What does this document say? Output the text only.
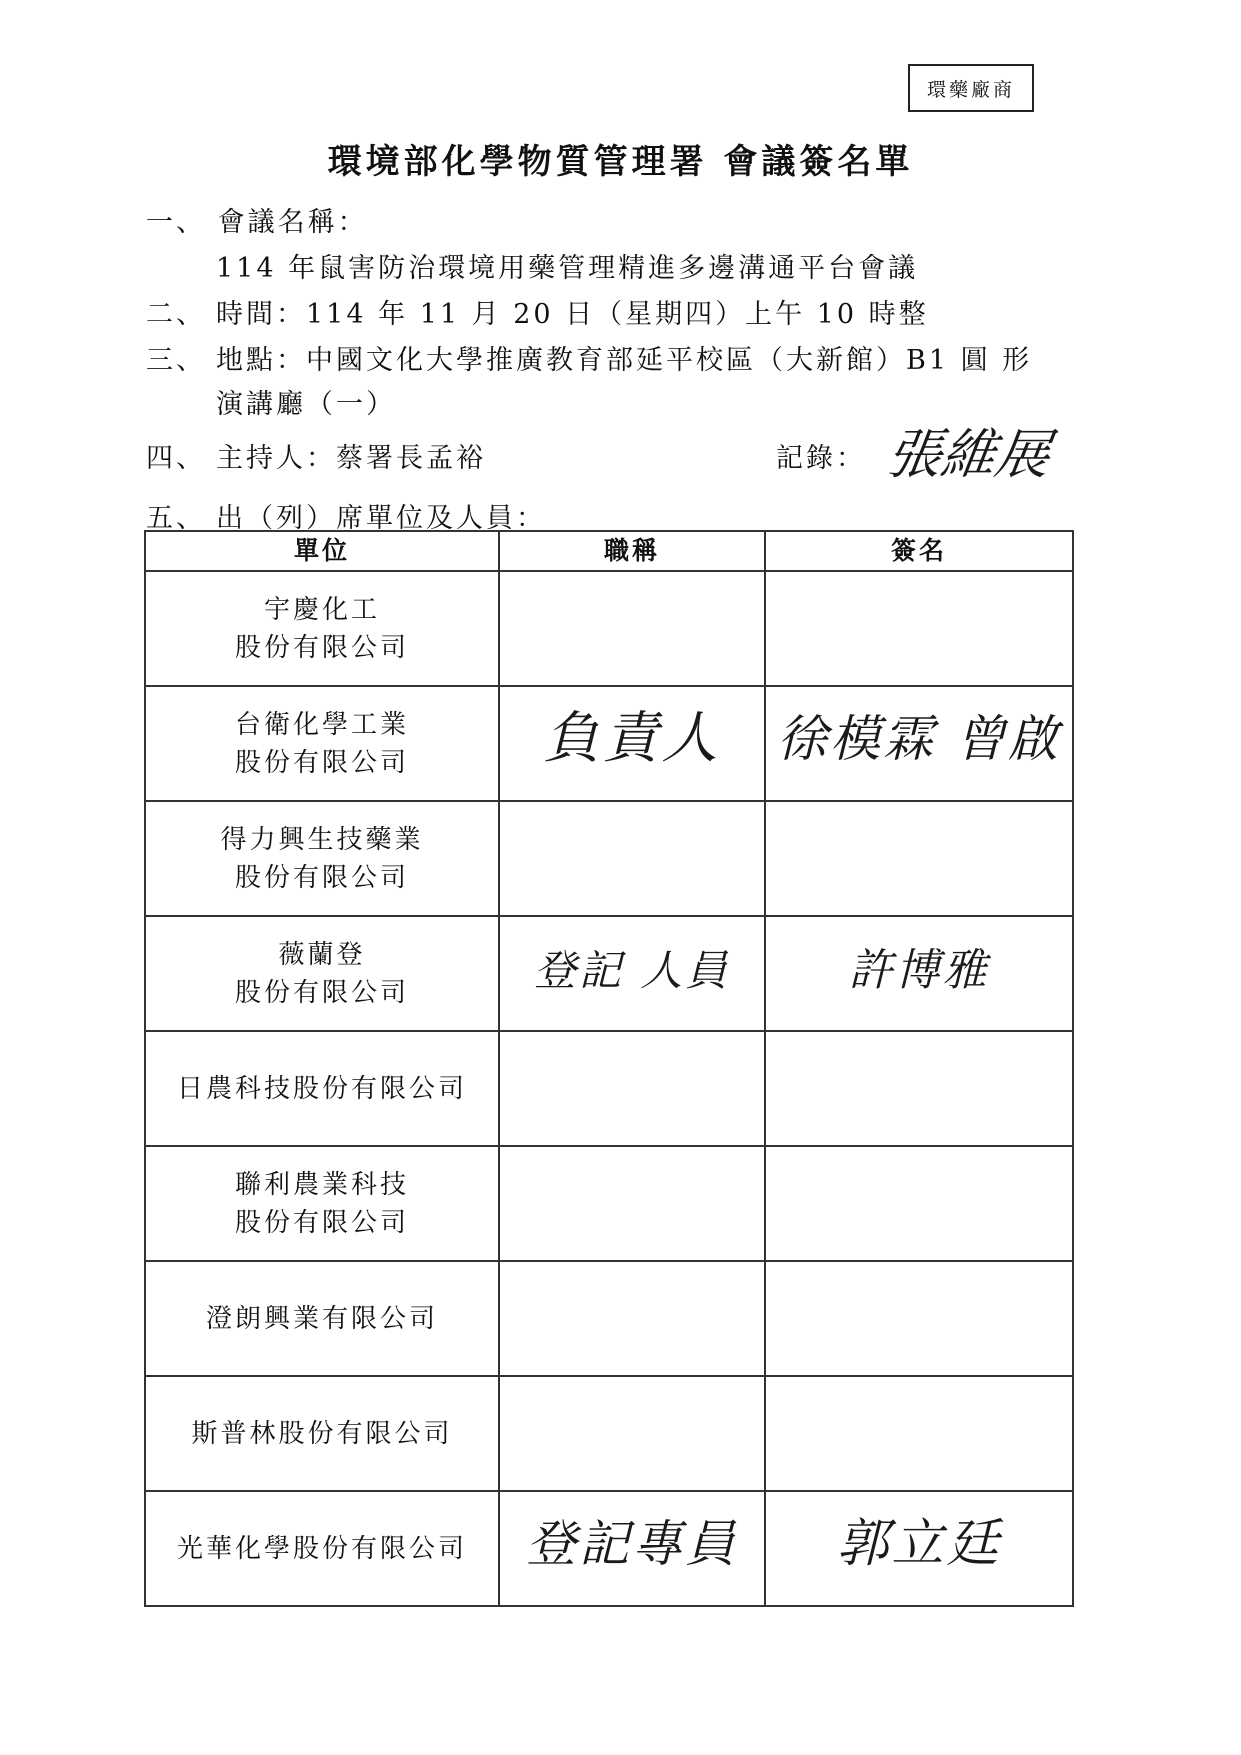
環藥廠商
環境部化學物質管理署 會議簽名單
一、 會議名稱：
114 年鼠害防治環境用藥管理精進多邊溝通平台會議
二、 時間：114 年 11 月 20 日（星期四）上午 10 時整
三、 地點：中國文化大學推廣教育部延平校區（大新館）B1 圓 形
演講廳（一）
四、 主持人：蔡署長孟裕	記錄： 張維展
五、 出（列）席單位及人員：
單位	職稱	簽名

宇慶化工
股份有限公司		

台衛化學工業
股份有限公司	負責人	徐模霖 曾啟

得力興生技藥業
股份有限公司		

薇蘭登
股份有限公司	登記 人員	許博雅

日農科技股份有限公司		

聯利農業科技
股份有限公司		

澄朗興業有限公司		

斯普林股份有限公司		

光華化學股份有限公司	登記專員	郭立廷
